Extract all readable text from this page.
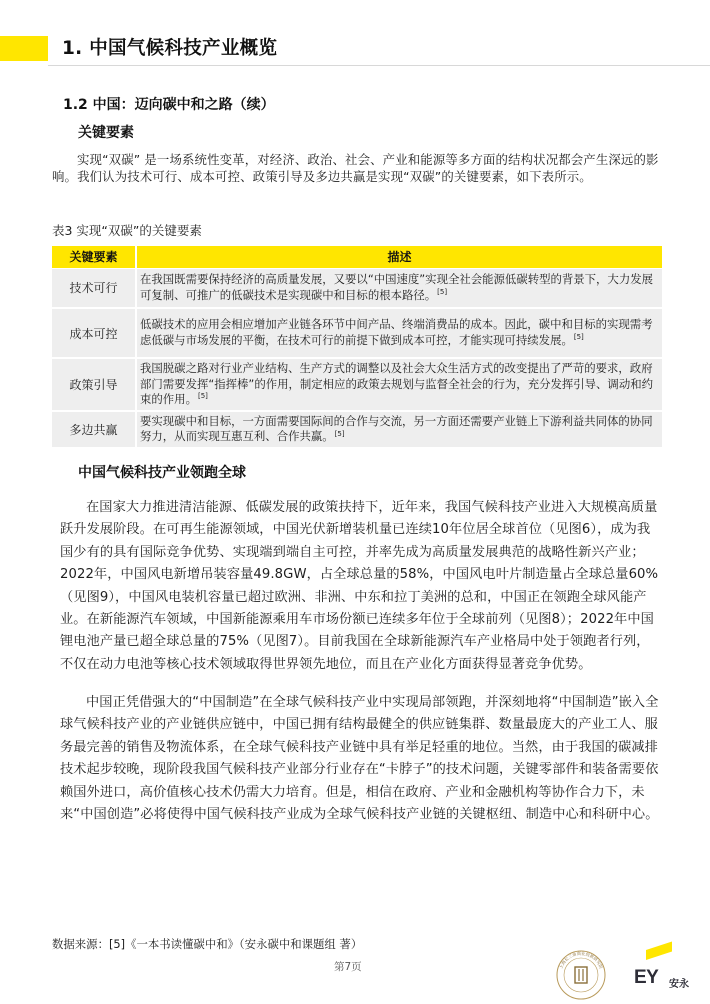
1. 中国气候科技产业概览
1.2 中国：迈向碳中和之路（续）
关键要素

实现“双碳” 是一场系统性变革，对经济、政治、社会、产业和能源等多方面的结构状况都会产生深远的影响。我们认为技术可行、成本可控、政策引导及多边共赢是实现“双碳”的关键要素，如下表所示。

表3 实现“双碳”的关键要素
关键要素	描述
技术可行	在我国既需要保持经济的高质量发展，又要以“中国速度”实现全社会能源低碳转型的背景下，大力发展可复制、可推广的低碳技术是实现碳中和目标的根本路径。[5]
成本可控	低碳技术的应用会相应增加产业链各环节中间产品、终端消费品的成本。因此，碳中和目标的实现需考虑低碳与市场发展的平衡，在技术可行的前提下做到成本可控，才能实现可持续发展。[5]
政策引导	我国脱碳之路对行业产业结构、生产方式的调整以及社会大众生活方式的改变提出了严苛的要求，政府部门需要发挥“指挥棒”的作用，制定相应的政策去规划与监督全社会的行为，充分发挥引导、调动和约束的作用。[5]
多边共赢	要实现碳中和目标，一方面需要国际间的合作与交流，另一方面还需要产业链上下游利益共同体的协同努力，从而实现互惠互利、合作共赢。[5]
中国气候科技产业领跑全球

在国家大力推进清洁能源、低碳发展的政策扶持下，近年来，我国气候科技产业进入大规模高质量跃升发展阶段。在可再生能源领域，中国光伏新增装机量已连续10年位居全球首位（见图6），成为我国少有的具有国际竞争优势、实现端到端自主可控，并率先成为高质量发展典范的战略性新兴产业；2022年，中国风电新增吊装容量49.8GW，占全球总量的58%，中国风电叶片制造量占全球总量60%（见图9），中国风电装机容量已超过欧洲、非洲、中东和拉丁美洲的总和，中国正在领跑全球风能产业。在新能源汽车领域，中国新能源乘用车市场份额已连续多年位于全球前列（见图8）；2022年中国锂电池产量已超全球总量的75%（见图7）。目前我国在全球新能源汽车产业格局中处于领跑者行列，不仅在动力电池等核心技术领域取得世界领先地位，而且在产业化方面获得显著竞争优势。

中国正凭借强大的“中国制造”在全球气候科技产业中实现局部领跑，并深刻地将“中国制造”嵌入全球气候科技产业的产业链供应链中，中国已拥有结构最健全的供应链集群、数量最庞大的产业工人、服务最完善的销售及物流体系，在全球气候科技产业链中具有举足轻重的地位。当然，由于我国的碳减排技术起步较晚，现阶段我国气候科技产业部分行业存在“卡脖子”的技术问题，关键零部件和装备需要依赖国外进口，高价值核心技术仍需大力培育。但是，相信在政府、产业和金融机构等协作合力下，未来“中国创造”必将使得中国气候科技产业成为全球气候科技产业链的关键枢纽、制造中心和科研中心。

数据来源：[5]《一本书读懂碳中和》（安永碳中和课题组 著）
第7页	上海长三角商业创新研究院
EY 安永
